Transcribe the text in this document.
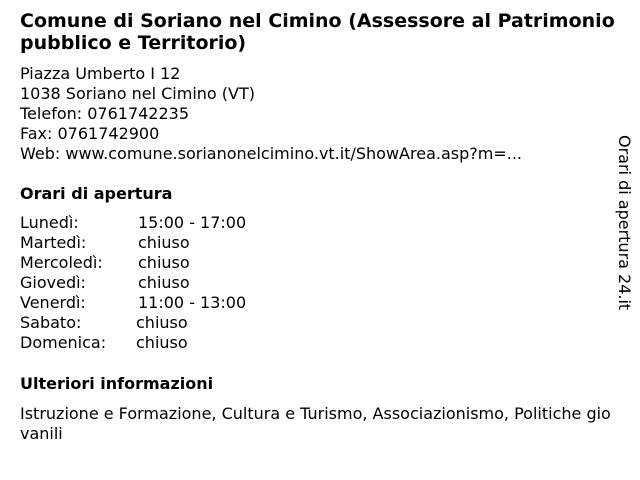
Comune di Soriano nel Cimino (Assessore al Patrimonio pubblico e Territorio)
Piazza Umberto I 12
1038 Soriano nel Cimino (VT)
Telefon: 0761742235
Fax: 0761742900
Web: www.comune.sorianonelcimino.vt.it/ShowArea.asp?m=...
Orari di apertura
Lunedì:	15:00 - 17:00
Martedì:	chiuso
Mercoledì: chiuso
Giovedì:	chiuso
Venerdì:	11:00 - 13:00
Sabato:	chiuso
Domenica: chiuso
Ulteriori informazioni
Istruzione e Formazione, Cultura e Turismo, Associazionismo, Politiche giovanili
Orari di apertura 24.it
